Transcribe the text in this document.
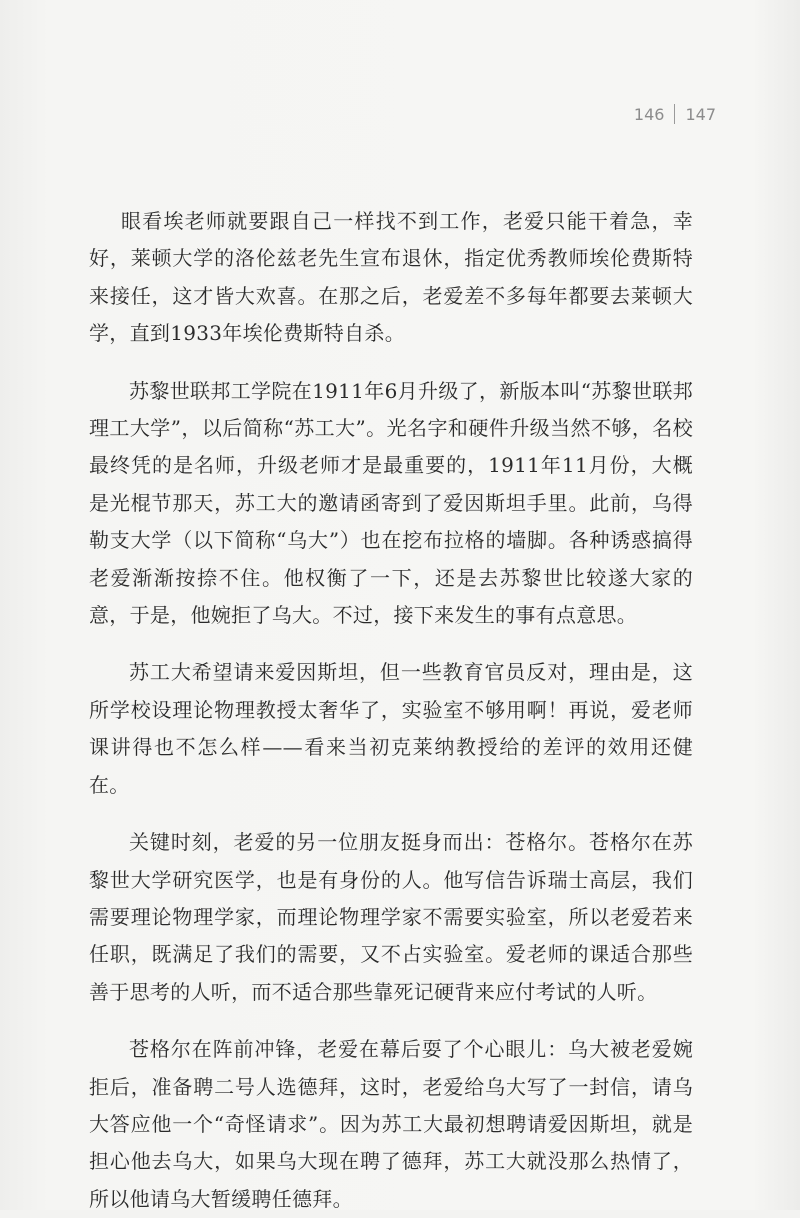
146 147

眼看埃老师就要跟自己一样找不到工作，老爱只能干着急，幸好，莱顿大学的洛伦兹老先生宣布退休，指定优秀教师埃伦费斯特来接任，这才皆大欢喜。在那之后，老爱差不多每年都要去莱顿大学，直到1933年埃伦费斯特自杀。

苏黎世联邦工学院在1911年6月升级了，新版本叫“苏黎世联邦理工大学”，以后简称“苏工大”。光名字和硬件升级当然不够，名校最终凭的是名师，升级老师才是最重要的，1911年11月份，大概是光棍节那天，苏工大的邀请函寄到了爱因斯坦手里。此前，乌得勒支大学（以下简称“乌大”）也在挖布拉格的墙脚。各种诱惑搞得老爱渐渐按捺不住。他权衡了一下，还是去苏黎世比较遂大家的意，于是，他婉拒了乌大。不过，接下来发生的事有点意思。

苏工大希望请来爱因斯坦，但一些教育官员反对，理由是，这所学校设理论物理教授太奢华了，实验室不够用啊！再说，爱老师课讲得也不怎么样——看来当初克莱纳教授给的差评的效用还健在。

关键时刻，老爱的另一位朋友挺身而出：苍格尔。苍格尔在苏黎世大学研究医学，也是有身份的人。他写信告诉瑞士高层，我们需要理论物理学家，而理论物理学家不需要实验室，所以老爱若来任职，既满足了我们的需要，又不占实验室。爱老师的课适合那些善于思考的人听，而不适合那些靠死记硬背来应付考试的人听。

苍格尔在阵前冲锋，老爱在幕后耍了个心眼儿：乌大被老爱婉拒后，准备聘二号人选德拜，这时，老爱给乌大写了一封信，请乌大答应他一个“奇怪请求”。因为苏工大最初想聘请爱因斯坦，就是担心他去乌大，如果乌大现在聘了德拜，苏工大就没那么热情了，所以他请乌大暂缓聘任德拜。
